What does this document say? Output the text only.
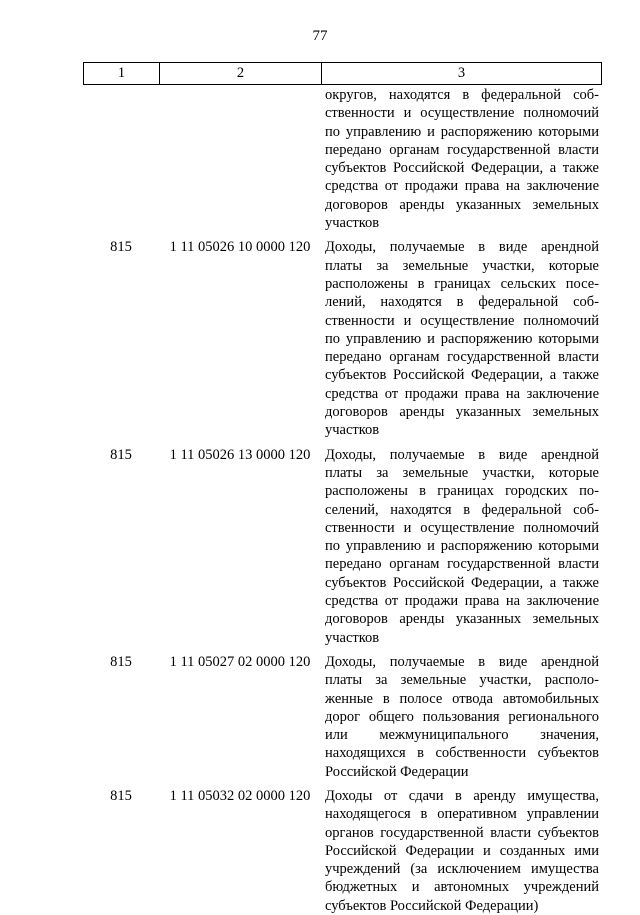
77
1	2	3
округов, находятся в федеральной собственности и осуществление полномочий по управлению и распоряжению которыми передано органам государственной власти субъектов Российской Федерации, а также средства от продажи права на заключение договоров аренды указанных земельных участков
815	1 11 05026 10 0000 120	Доходы, получаемые в виде арендной платы за земельные участки, которые расположены в границах сельских поселений, находятся в федеральной собственности и осуществление полномочий по управлению и распоряжению которыми передано органам государственной власти субъектов Российской Федерации, а также средства от продажи права на заключение договоров аренды указанных земельных участков
815	1 11 05026 13 0000 120	Доходы, получаемые в виде арендной платы за земельные участки, которые расположены в границах городских поселений, находятся в федеральной собственности и осуществление полномочий по управлению и распоряжению которыми передано органам государственной власти субъектов Российской Федерации, а также средства от продажи права на заключение договоров аренды указанных земельных участков
815	1 11 05027 02 0000 120	Доходы, получаемые в виде арендной платы за земельные участки, расположенные в полосе отвода автомобильных дорог общего пользования регионального или межмуниципального значения, находящихся в собственности субъектов Российской Федерации
815	1 11 05032 02 0000 120	Доходы от сдачи в аренду имущества, находящегося в оперативном управлении органов государственной власти субъектов Российской Федерации и созданных ими учреждений (за исключением имущества бюджетных и автономных учреждений субъектов Российской Федерации)
